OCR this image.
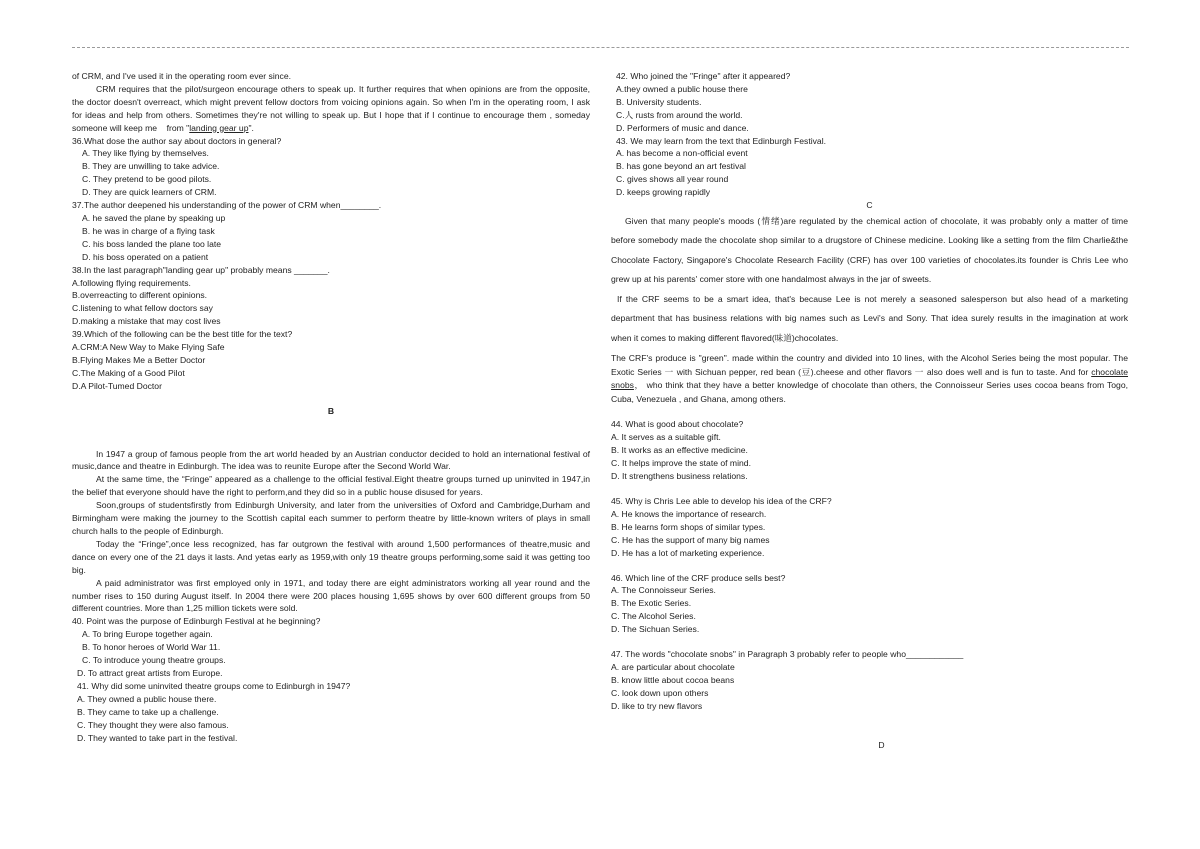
of CRM, and I've used it in the operating room ever since.

CRM requires that the pilot/surgeon encourage others to speak up. It further requires that when opinions are from the opposite, the doctor doesn't overreact, which might prevent fellow doctors from voicing opinions again. So when I'm in the operating room, I ask for ideas and help from others. Sometimes they're not willing to speak up. But I hope that if I continue to encourage them , someday someone will keep me from "landing gear up".

36.What dose the author say about doctors in general?

A. They like flying by themselves.

B. They are unwilling to take advice.

C. They pretend to be good pilots.

D. They are quick learners of CRM.

37.The author deepened his understanding of the power of CRM when________.

A. he saved the plane by speaking up

B. he was in charge of a flying task

C. his boss landed the plane too late

D. his boss operated on a patient

38.In the last paragraph"landing gear up" probably means _______.

A.following flying requirements.

B.overreacting to different opinions.

C.listening to what fellow doctors say

D.making a mistake that may cost lives

39.Which of the following can be the best title for the text?

A.CRM:A New Way to Make Flying Safe

B.Flying Makes Me a Better Doctor

C.The Making of a Good Pilot

D.A Pilot-Tumed Doctor

B

In 1947 a group of famous people from the art world headed by an Austrian conductor decided to hold an international festival of music,dance and theatre in Edinburgh. The idea was to reunite Europe after the Second World War.

At the same time, the “Fringe” appeared as a challenge to the official festival.Eight theatre groups turned up uninvited in 1947,in the belief that everyone should have the right to perform,and they did so in a public house disused for years.

Soon,groups of studentsfirstly from Edinburgh University, and later from the universities of Oxford and Cambridge,Durham and Birmingham were making the journey to the Scottish capital each summer to perform theatre by little-known writers of plays in small church halls to the people of Edinburgh.

Today the “Fringe”,once less recognized, has far outgrown the festival with around 1,500 performances of theatre,music and dance on every one of the 21 days it lasts. And yetas early as 1959,with only 19 theatre groups performing,some said it was getting too big.

A paid administrator was first employed only in 1971, and today there are eight administrators working all year round and the number rises to 150 during August itself. In 2004 there were 200 places housing 1,695 shows by over 600 different groups from 50 different countries. More than 1,25 million tickets were sold.

40. Point was the purpose of Edinburgh Festival at he beginning?

A. To bring Europe together again.

B. To honor heroes of World War 11.

C. To introduce young theatre groups.

D. To attract great artists from Europe.

41. Why did some uninvited theatre groups come to Edinburgh in 1947?

A. They owned a public house there.

B. They came to take up a challenge.

C. They thought they were also famous.

D. They wanted to take part in the festival.

42. Who joined the "Fringe" after it appeared?

A.they owned a public house there

B. University students.

C.人 rusts from around the world.

D. Performers of music and dance.

43. We may learn from the text that Edinburgh Festival.

A. has become a non-official event

B. has gone beyond an art festival

C. gives shows all year round

D. keeps growing rapidly

C

Given that many people's moods (情绪)are regulated by the chemical action of chocolate, it was probably only a matter of time before somebody made the chocolate shop similar to a drugstore of Chinese medicine. Looking like a setting from the film Charlie&the Chocolate Factory, Singapore's Chocolate Research Facility (CRF) has over 100 varieties of chocolates.its founder is Chris Lee who grew up at his parents' comer store with one handalmost always in the jar of sweets.

If the CRF seems to be a smart idea, that's because Lee is not merely a seasoned salesperson but also head of a marketing department that has business relations with big names such as Levi's and Sony. That idea surely results in the imagination at work when it comes to making different flavored(味道)chocolates.

The CRF's produce is "green". made within the country and divided into 10 lines, with the Alcohol Series being the most popular. The Exotic Series 一 with Sichuan pepper, red bean (豆).cheese and other flavors 一 also does well and is fun to taste. And for chocolate snobs， who think that they have a better knowledge of chocolate than others, the Connoisseur Series uses cocoa beans from Togo, Cuba, Venezuela , and Ghana, among others.

44. What is good about chocolate?

A. It serves as a suitable gift.

B. It works as an effective medicine.

C. It helps improve the state of mind.

D. It strengthens business relations.

45. Why is Chris Lee able to develop his idea of the CRF?

A. He knows the importance of research.

B. He learns form shops of similar types.

C. He has the support of many big names

D. He has a lot of marketing experience.

46. Which line of the CRF produce sells best?

A. The Connoisseur Series.

B. The Exotic Series.

C. The Alcohol Series.

D. The Sichuan Series.

47. The words "chocolate snobs" in Paragraph 3 probably refer to people who____________

A. are particular about chocolate

B. know little about cocoa beans

C. look down upon others

D. like to try new flavors

D
